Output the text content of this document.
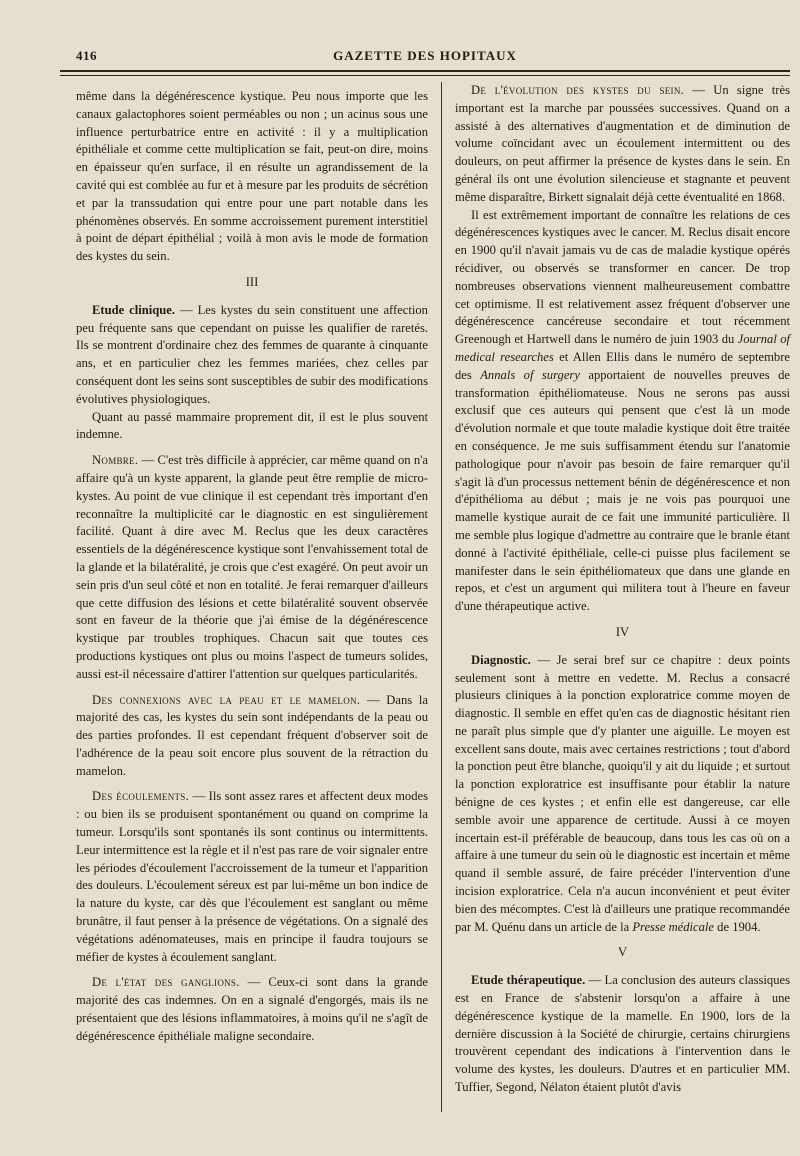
416	GAZETTE DES HOPITAUX

même dans la dégénérescence kystique. Peu nous importe que les canaux galactophores soient perméables ou non ; un acinus sous une influence perturbatrice entre en activité : il y a multiplication épithéliale et comme cette multiplication se fait, peut-on dire, moins en épaisseur qu'en surface, il en résulte un agrandissement de la cavité qui est comblée au fur et à mesure par les produits de sécrétion et par la transsudation qui entre pour une part notable dans les phénomènes observés. En somme accroissement purement interstitiel à point de départ épithélial ; voilà à mon avis le mode de formation des kystes du sein.

III

Etude clinique. — Les kystes du sein constituent une affection peu fréquente sans que cependant on puisse les qualifier de raretés. Ils se montrent d'ordinaire chez des femmes de quarante à cinquante ans, et en particulier chez les femmes mariées, chez celles par conséquent dont les seins sont susceptibles de subir des modifications évolutives physiologiques.

Quant au passé mammaire proprement dit, il est le plus souvent indemne.

Nombre. — C'est très difficile à apprécier, car même quand on n'a affaire qu'à un kyste apparent, la glande peut être remplie de micro-kystes. Au point de vue clinique il est cependant très important d'en reconnaître la multiplicité car le diagnostic en est singulièrement facilité. Quant à dire avec M. Reclus que les deux caractères essentiels de la dégénérescence kystique sont l'envahissement total de la glande et la bilatéralité, je crois que c'est exagéré. On peut avoir un sein pris d'un seul côté et non en totalité. Je ferai remarquer d'ailleurs que cette diffusion des lésions et cette bilatéralité souvent observée sont en faveur de la théorie que j'ai émise de la dégénérescence kystique par troubles trophiques. Chacun sait que toutes ces productions kystiques ont plus ou moins l'aspect de tumeurs solides, aussi est-il nécessaire d'attirer l'attention sur quelques particularités.

Des connexions avec la peau et le mamelon. — Dans la majorité des cas, les kystes du sein sont indépendants de la peau ou des parties profondes. Il est cependant fréquent d'observer soit de l'adhérence de la peau soit encore plus souvent de la rétraction du mamelon.

Des écoulements. — Ils sont assez rares et affectent deux modes : ou bien ils se produisent spontanément ou quand on comprime la tumeur. Lorsqu'ils sont spontanés ils sont continus ou intermittents. Leur intermittence est la règle et il n'est pas rare de voir signaler entre les périodes d'écoulement l'accroissement de la tumeur et l'apparition des douleurs. L'écoulement séreux est par lui-même un bon indice de la nature du kyste, car dès que l'écoulement est sanglant ou même brunâtre, il faut penser à la présence de végétations. On a signalé des végétations adénomateuses, mais en principe il faudra toujours se méfier de kystes à écoulement sanglant.

De l'état des ganglions. — Ceux-ci sont dans la grande majorité des cas indemnes. On en a signalé d'engorgés, mais ils ne présentaient que des lésions inflammatoires, à moins qu'il ne s'agît de dégénérescence épithéliale maligne secondaire.

De l'évolution des kystes du sein. — Un signe très important est la marche par poussées successives. Quand on a assisté à des alternatives d'augmentation et de diminution de volume coïncidant avec un écoulement intermittent ou des douleurs, on peut affirmer la présence de kystes dans le sein. En général ils ont une évolution silencieuse et stagnante et peuvent même disparaître, Birkett signalait déjà cette éventualité en 1868.

Il est extrêmement important de connaître les relations de ces dégénérescences kystiques avec le cancer. M. Reclus disait encore en 1900 qu'il n'avait jamais vu de cas de maladie kystique opérés récidiver, ou observés se transformer en cancer. De trop nombreuses observations viennent malheureusement combattre cet optimisme. Il est relativement assez fréquent d'observer une dégénérescence cancéreuse secondaire et tout récemment Greenough et Hartwell dans le numéro de juin 1903 du Journal of medical researches et Allen Ellis dans le numéro de septembre des Annals of surgery apportaient de nouvelles preuves de transformation épithéliomateuse. Nous ne serons pas aussi exclusif que ces auteurs qui pensent que c'est là un mode d'évolution normale et que toute maladie kystique doit être traitée en conséquence. Je me suis suffisamment étendu sur l'anatomie pathologique pour n'avoir pas besoin de faire remarquer qu'il s'agit là d'un processus nettement bénin de dégénérescence et non d'épithélioma au début ; mais je ne vois pas pourquoi une mamelle kystique aurait de ce fait une immunité particulière. Il me semble plus logique d'admettre au contraire que le branle étant donné à l'activité épithéliale, celle-ci puisse plus facilement se manifester dans le sein épithéliomateux que dans une glande en repos, et c'est un argument qui militera tout à l'heure en faveur d'une thérapeutique active.

IV

Diagnostic. — Je serai bref sur ce chapitre : deux points seulement sont à mettre en vedette. M. Reclus a consacré plusieurs cliniques à la ponction exploratrice comme moyen de diagnostic. Il semble en effet qu'en cas de diagnostic hésitant rien ne paraît plus simple que d'y planter une aiguille. Le moyen est excellent sans doute, mais avec certaines restrictions ; tout d'abord la ponction peut être blanche, quoiqu'il y ait du liquide ; et surtout la ponction exploratrice est insuffisante pour établir la nature bénigne de ces kystes ; et enfin elle est dangereuse, car elle semble avoir une apparence de certitude. Aussi à ce moyen incertain est-il préférable de beaucoup, dans tous les cas où on a affaire à une tumeur du sein où le diagnostic est incertain et même quand il semble assuré, de faire précéder l'intervention d'une incision exploratrice. Cela n'a aucun inconvénient et peut éviter bien des mécomptes. C'est là d'ailleurs une pratique recommandée par M. Quénu dans un article de la Presse médicale de 1904.

V

Etude thérapeutique. — La conclusion des auteurs classiques est en France de s'abstenir lorsqu'on a affaire à une dégénérescence kystique de la mamelle. En 1900, lors de la dernière discussion à la Société de chirurgie, certains chirurgiens trouvèrent cependant des indications à l'intervention dans le volume des kystes, les douleurs. D'autres et en particulier MM. Tuffier, Segond, Nélaton étaient plutôt d'avis
